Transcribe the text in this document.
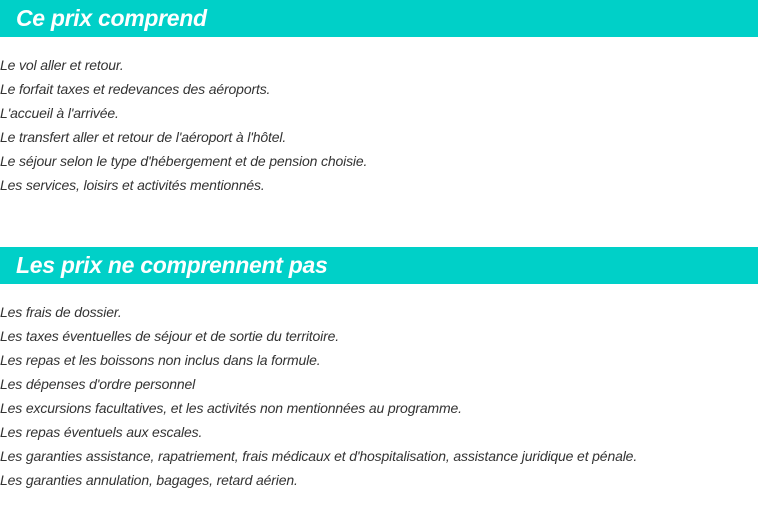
Ce prix comprend
Le vol aller et retour.
Le forfait taxes et redevances des aéroports.
L'accueil à l'arrivée.
Le transfert aller et retour de l'aéroport à l'hôtel.
Le séjour selon le type d'hébergement et de pension choisie.
Les services, loisirs et activités mentionnés.
Les prix ne comprennent pas
Les frais de dossier.
Les taxes éventuelles de séjour et de sortie du territoire.
Les repas et les boissons non inclus dans la formule.
Les dépenses d'ordre personnel
Les excursions facultatives, et les activités non mentionnées au programme.
Les repas éventuels aux escales.
Les garanties assistance, rapatriement, frais médicaux et d'hospitalisation, assistance juridique et pénale.
Les garanties annulation, bagages, retard aérien.
